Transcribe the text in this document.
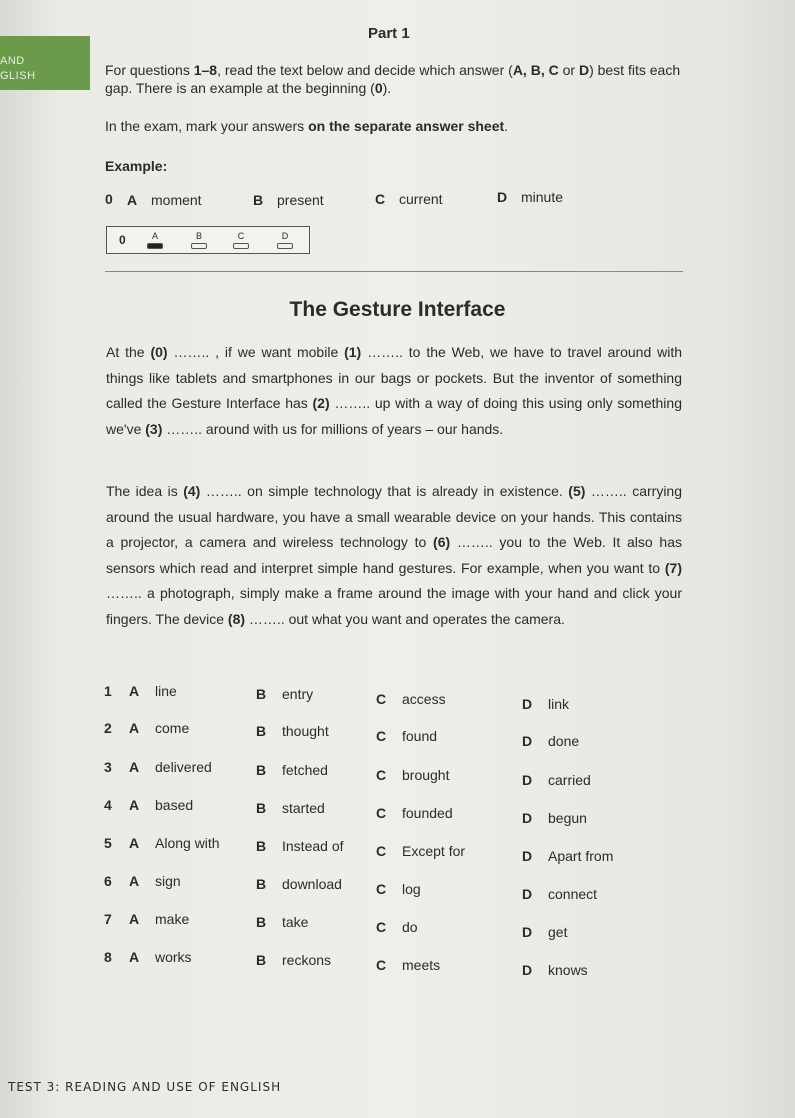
AND
GLISH
Part 1
For questions 1–8, read the text below and decide which answer (A, B, C or D) best fits each gap. There is an example at the beginning (0).
In the exam, mark your answers on the separate answer sheet.
Example:
0 A moment	B present	C current	D minute
0	A	B	C	D
The Gesture Interface
At the (0) …….. , if we want mobile (1) …….. to the Web, we have to travel around with things like tablets and smartphones in our bags or pockets. But the inventor of something called the Gesture Interface has (2) …….. up with a way of doing this using only something we've (3) …….. around with us for millions of years – our hands.
The idea is (4) …….. on simple technology that is already in existence. (5) …….. carrying around the usual hardware, you have a small wearable device on your hands. This contains a projector, a camera and wireless technology to (6) …….. you to the Web. It also has sensors which read and interpret simple hand gestures. For example, when you want to (7) …….. a photograph, simply make a frame around the image with your hand and click your fingers. The device (8) …….. out what you want and operates the camera.
1 A line	B entry	C access	D link
2 A come	B thought	C found	D done
3 A delivered	B fetched	C brought	D carried
4 A based	B started	C founded	D begun
5 A Along with	B Instead of C Except for	D Apart from
6 A sign	B download C log	D connect
7 A make	B take	C do	D get
8 A works	B reckons	C meets	D knows
TEST 3: READING AND USE OF ENGLISH
